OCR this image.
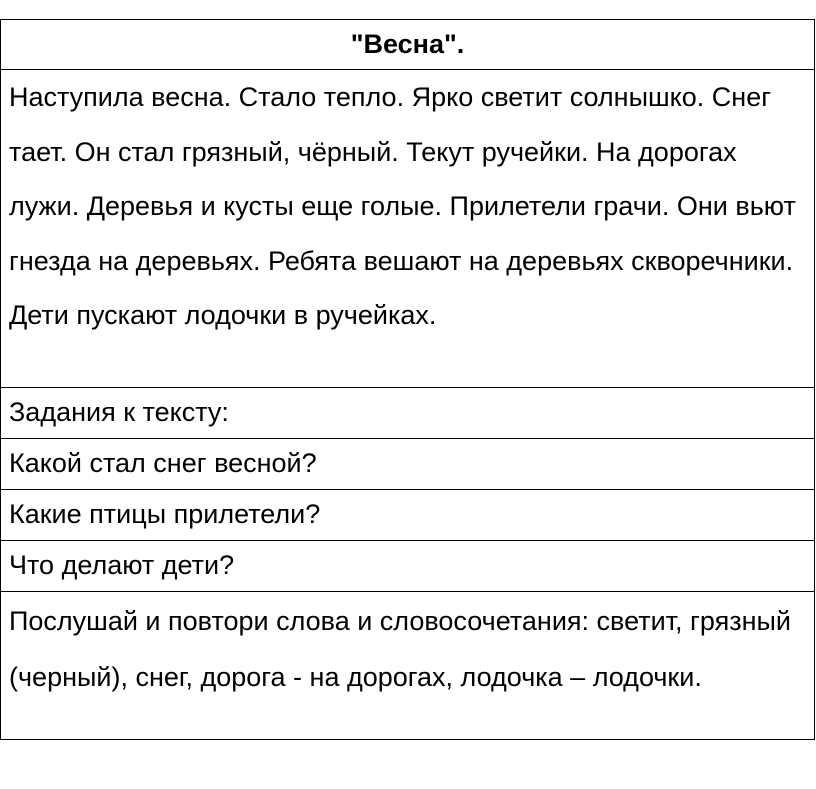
"Весна".
Наступила весна. Стало тепло. Ярко светит солнышко. Снег тает. Он стал грязный, чёрный. Текут ручейки. На дорогах лужи. Деревья и кусты еще голые. Прилетели грачи. Они вьют гнезда на деревьях. Ребята вешают на деревьях скворечники. Дети пускают лодочки в ручейках.
Задания к тексту:
Какой стал снег весной?
Какие птицы прилетели?
Что делают дети?
Послушай и повтори слова и словосочетания: светит, грязный (черный), снег, дорога - на дорогах, лодочка – лодочки.
